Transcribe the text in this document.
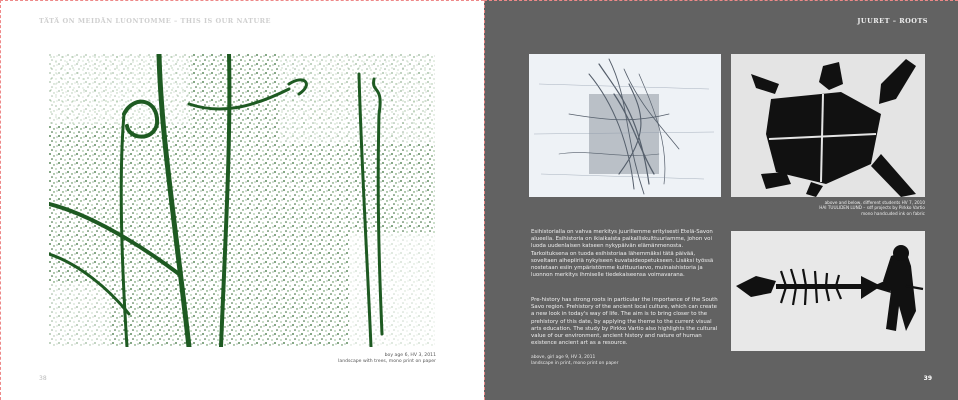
TÄTÄ ON MEIDÄN LUONTOMME – THIS IS OUR NATURE
boy age 6, HV 3, 2011
landscape with trees, mono print on paper
38
JUURET – ROOTS
above and below, different students HV 7, 2010
HAI TUULIDEN LUND – sdf projects by Pirkko Vartio
mono handcuded ink on fabric
Esihistorialla on vahva merkitys juurillemme erityisesti Etelä-Savon alueella. Esihistoria on ikiaikaista paikalliskulttuuriamme, johon voi luoda uudenlaisen katseen nykypäivän elämänmenosta. Tarkoituksena on tuoda esihistoriaa lähemmäksi tätä päivää, soveltaen aihepiiriä nykyiseen kuvataideopetukseen. Lisäksi työssä nostetaan esiin ympäristömme kulttuuriarvo, muinaishistoria ja luonnon merkitys ihmiselle tiedekaiseensa voimavarana.
Pre-history has strong roots in particular the importance of the South Savo region. Prehistory of the ancient local culture, which can create a new look in today's way of life. The aim is to bring closer to the prehistory of this date, by applying the theme to the current visual arts education. The study by Pirkko Vartio also highlights the cultural value of our environment, ancient history and nature of human existence ancient art as a resource.
above, girl age 9, HV 3, 2011
landscape in print, mono print on paper
39
